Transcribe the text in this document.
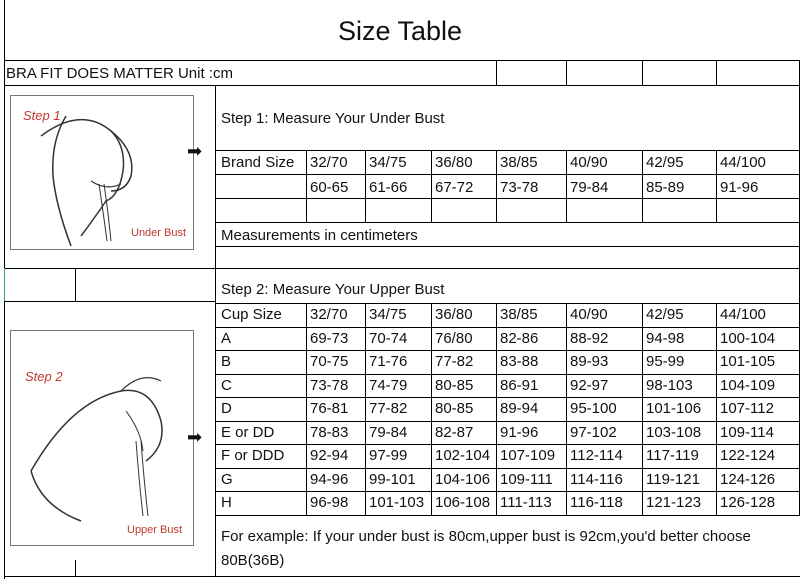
Size Table
BRA FIT DOES MATTER Unit :cm
Step 1
Under Bust
➡
Step 1: Measure Your Under Bust
Brand Size 32/70 34/75 36/80 38/85 40/90	42/95 44/100
60-65 61-66 67-72 73-78 79-84	85-89 91-96
Measurements in centimeters
Step 2
Upper Bust
➡
Step 2: Measure Your Upper Bust
Cup Size 32/70 34/75 36/80 38/85 40/90	42/95 44/100
A	69-73 70-74 76/80 82-86 88-92	94-98 100-104
B	70-75 71-76 77-82 83-88 89-93	95-99 101-105
C	73-78 74-79 80-85 86-91 92-97	98-103 104-109
D	76-81 77-82 80-85 89-94 95-100 101-106 107-112
E or DD 78-83 79-84 82-87 91-96 97-102 103-108 109-114
F or DDD 92-94 97-99 102-104 107-109 112-114 117-119 122-124
G	94-96 99-101 104-106 109-111 114-116 119-121 124-126
H	96-98 101-103 106-108 111-113 116-118 121-123 126-128
For example: If your under bust is 80cm,upper bust is 92cm,you'd better choose
80B(36B)
